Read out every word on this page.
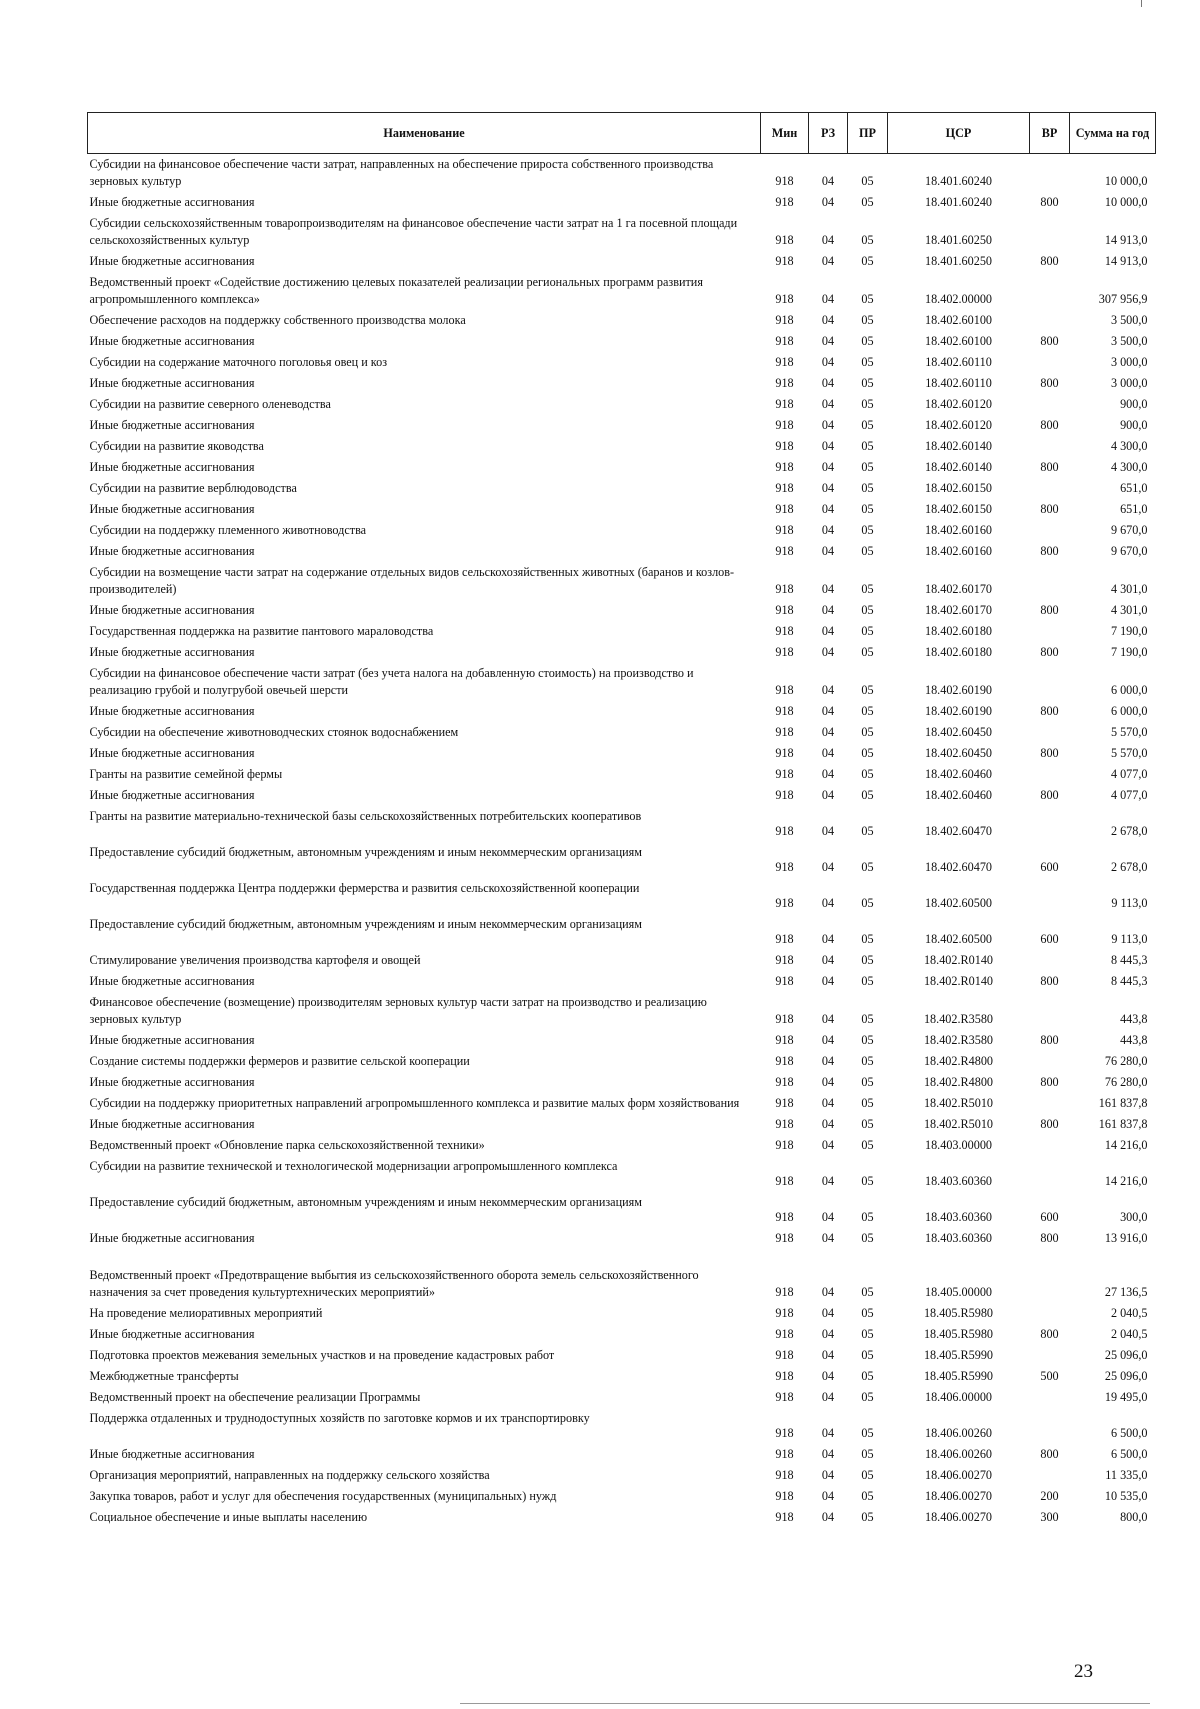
Наименование	Мин	РЗ	ПР	ЦСР	ВР	Сумма на год
Субсидии на финансовое обеспечение части затрат, направленных на обеспечение прироста собственного производства зерновых культур	918	04	05	18.401.60240		10 000,0
Иные бюджетные ассигнования	918	04	05	18.401.60240	800	10 000,0
Субсидии сельскохозяйственным товаропроизводителям на финансовое обеспечение части затрат на 1 га посевной площади сельскохозяйственных культур	918	04	05	18.401.60250		14 913,0
Иные бюджетные ассигнования	918	04	05	18.401.60250	800	14 913,0
Ведомственный проект «Содействие достижению целевых показателей реализации региональных программ развития агропромышленного комплекса»	918	04	05	18.402.00000		307 956,9
Обеспечение расходов на поддержку собственного производства молока	918	04	05	18.402.60100		3 500,0
Иные бюджетные ассигнования	918	04	05	18.402.60100	800	3 500,0
Субсидии на содержание маточного поголовья овец и коз	918	04	05	18.402.60110		3 000,0
Иные бюджетные ассигнования	918	04	05	18.402.60110	800	3 000,0
Субсидии на развитие северного оленеводства	918	04	05	18.402.60120		900,0
Иные бюджетные ассигнования	918	04	05	18.402.60120	800	900,0
Субсидии на развитие яководства	918	04	05	18.402.60140		4 300,0
Иные бюджетные ассигнования	918	04	05	18.402.60140	800	4 300,0
Субсидии на развитие верблюдоводства	918	04	05	18.402.60150		651,0
Иные бюджетные ассигнования	918	04	05	18.402.60150	800	651,0
Субсидии на поддержку племенного животноводства	918	04	05	18.402.60160		9 670,0
Иные бюджетные ассигнования	918	04	05	18.402.60160	800	9 670,0
Субсидии на возмещение части затрат на содержание отдельных видов сельскохозяйственных животных (баранов и козлов-производителей)	918	04	05	18.402.60170		4 301,0
Иные бюджетные ассигнования	918	04	05	18.402.60170	800	4 301,0
Государственная поддержка на развитие пантового мараловодства	918	04	05	18.402.60180		7 190,0
Иные бюджетные ассигнования	918	04	05	18.402.60180	800	7 190,0
Субсидии на финансовое обеспечение части затрат (без учета налога на добавленную стоимость) на производство и реализацию грубой и полугрубой овечьей шерсти	918	04	05	18.402.60190		6 000,0
Иные бюджетные ассигнования	918	04	05	18.402.60190	800	6 000,0
Субсидии на обеспечение животноводческих стоянок водоснабжением	918	04	05	18.402.60450		5 570,0
Иные бюджетные ассигнования	918	04	05	18.402.60450	800	5 570,0
Гранты на развитие семейной фермы	918	04	05	18.402.60460		4 077,0
Иные бюджетные ассигнования	918	04	05	18.402.60460	800	4 077,0
Гранты на развитие материально-технической базы сельскохозяйственных потребительских кооперативов	918	04	05	18.402.60470		2 678,0
Предоставление субсидий бюджетным, автономным учреждениям и иным некоммерческим организациям	918	04	05	18.402.60470	600	2 678,0
Государственная поддержка Центра поддержки фермерства и развития сельскохозяйственной кооперации	918	04	05	18.402.60500		9 113,0
Предоставление субсидий бюджетным, автономным учреждениям и иным некоммерческим организациям	918	04	05	18.402.60500	600	9 113,0
Стимулирование увеличения производства картофеля и овощей	918	04	05	18.402.R0140		8 445,3
Иные бюджетные ассигнования	918	04	05	18.402.R0140	800	8 445,3
Финансовое обеспечение (возмещение) производителям зерновых культур части затрат на производство и реализацию зерновых культур	918	04	05	18.402.R3580		443,8
Иные бюджетные ассигнования	918	04	05	18.402.R3580	800	443,8
Создание системы поддержки фермеров и развитие сельской кооперации	918	04	05	18.402.R4800		76 280,0
Иные бюджетные ассигнования	918	04	05	18.402.R4800	800	76 280,0
Субсидии на поддержку приоритетных направлений агропромышленного комплекса и развитие малых форм хозяйствования	918	04	05	18.402.R5010		161 837,8
Иные бюджетные ассигнования	918	04	05	18.402.R5010	800	161 837,8
Ведомственный проект «Обновление парка сельскохозяйственной техники»	918	04	05	18.403.00000		14 216,0
Субсидии на развитие технической и технологической модернизации агропромышленного комплекса	918	04	05	18.403.60360		14 216,0
Предоставление субсидий бюджетным, автономным учреждениям и иным некоммерческим организациям	918	04	05	18.403.60360	600	300,0
Иные бюджетные ассигнования	918	04	05	18.403.60360	800	13 916,0
Ведомственный проект «Предотвращение выбытия из сельскохозяйственного оборота земель сельскохозяйственного назначения за счет проведения культуртехнических мероприятий»	918	04	05	18.405.00000		27 136,5
На проведение мелиоративных мероприятий	918	04	05	18.405.R5980		2 040,5
Иные бюджетные ассигнования	918	04	05	18.405.R5980	800	2 040,5
Подготовка проектов межевания земельных участков и на проведение кадастровых работ	918	04	05	18.405.R5990		25 096,0
Межбюджетные трансферты	918	04	05	18.405.R5990	500	25 096,0
Ведомственный проект на обеспечение реализации Программы	918	04	05	18.406.00000		19 495,0
Поддержка отдаленных и труднодоступных хозяйств по заготовке кормов и их транспортировку	918	04	05	18.406.00260		6 500,0
Иные бюджетные ассигнования	918	04	05	18.406.00260	800	6 500,0
Организация мероприятий, направленных на поддержку сельского хозяйства	918	04	05	18.406.00270		11 335,0
Закупка товаров, работ и услуг для обеспечения государственных (муниципальных) нужд	918	04	05	18.406.00270	200	10 535,0
Социальное обеспечение и иные выплаты населению	918	04	05	18.406.00270	300	800,0
23
